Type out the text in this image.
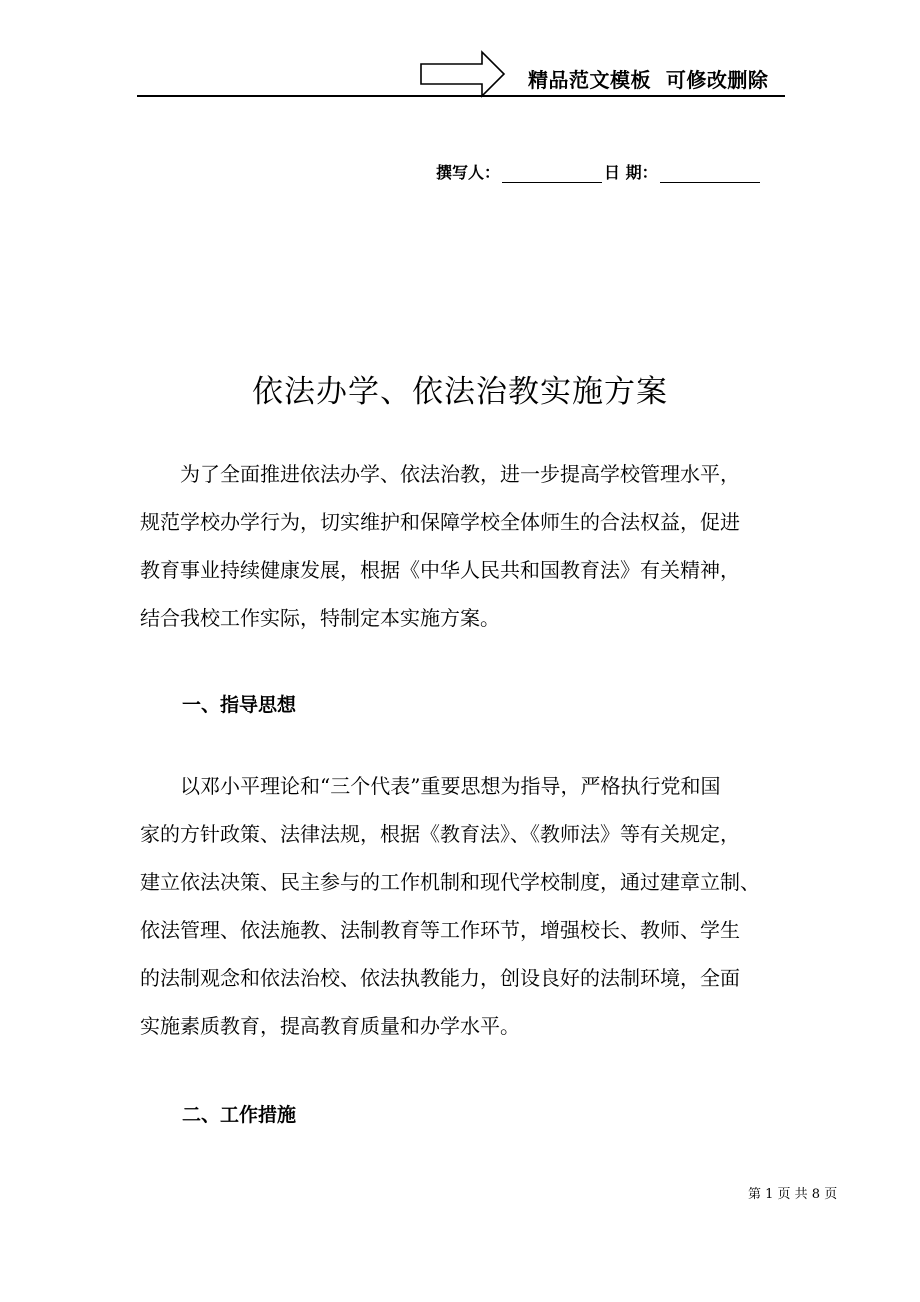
精品范文模板  可修改删除
撰写人：	日 期：
依法办学、依法治教实施方案
　　为了全面推进依法办学、依法治教，进一步提高学校管理水平，
规范学校办学行为，切实维护和保障学校全体师生的合法权益，促进
教育事业持续健康发展，根据《中华人民共和国教育法》有关精神，
结合我校工作实际，特制定本实施方案。
一、指导思想
　　以邓小平理论和“三个代表”重要思想为指导，严格执行党和国
家的方针政策、法律法规，根据《教育法》、《教师法》等有关规定，
建立依法决策、民主参与的工作机制和现代学校制度，通过建章立制、
依法管理、依法施教、法制教育等工作环节，增强校长、教师、学生
的法制观念和依法治校、依法执教能力，创设良好的法制环境，全面
实施素质教育，提高教育质量和办学水平。
二、工作措施
第 1 页 共 8 页
